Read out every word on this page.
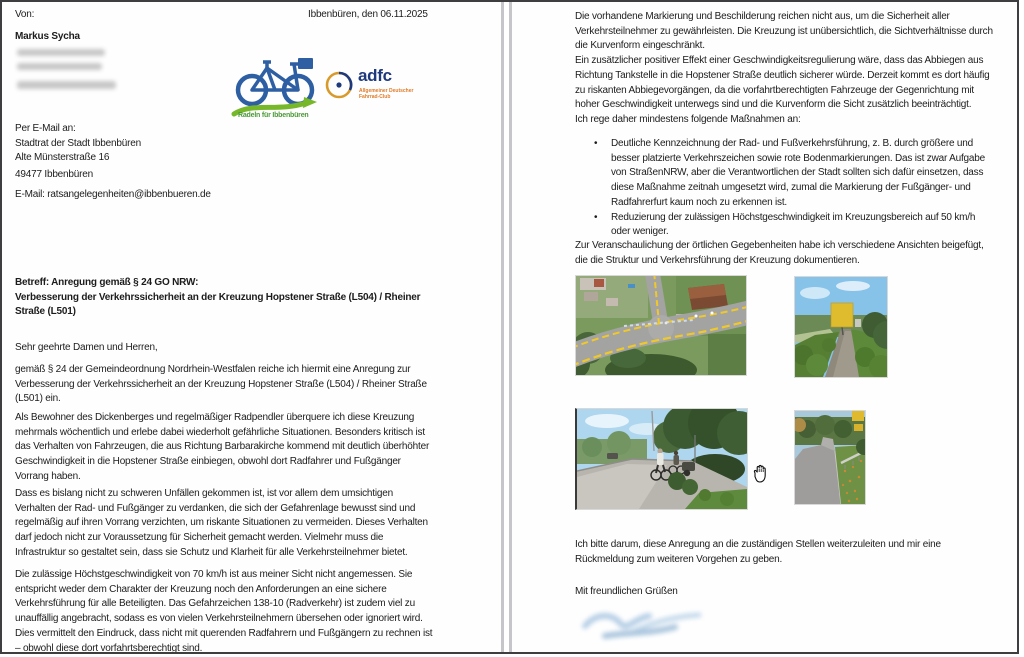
Von:	Ibbenbüren, den 06.11.2025
Markus Sycha
Radeln für Ibbenbüren
adfc
Allgemeiner Deutscher
Fahrrad-Club
Per E-Mail an:
Stadtrat der Stadt Ibbenbüren
Alte Münsterstraße 16
49477 Ibbenbüren
E-Mail: ratsangelegenheiten@ibbenbueren.de
Betreff: Anregung gemäß § 24 GO NRW:
Verbesserung der Verkehrssicherheit an der Kreuzung Hopstener Straße (L504) / Rheiner Straße (L501)
Sehr geehrte Damen und Herren,
gemäß § 24 der Gemeindeordnung Nordrhein-Westfalen reiche ich hiermit eine Anregung zur Verbesserung der Verkehrssicherheit an der Kreuzung Hopstener Straße (L504) / Rheiner Straße (L501) ein.
Als Bewohner des Dickenberges und regelmäßiger Radpendler überquere ich diese Kreuzung mehrmals wöchentlich und erlebe dabei wiederholt gefährliche Situationen. Besonders kritisch ist das Verhalten von Fahrzeugen, die aus Richtung Barbarakirche kommend mit deutlich überhöhter Geschwindigkeit in die Hopstener Straße einbiegen, obwohl dort Radfahrer und Fußgänger Vorrang haben.
Dass es bislang nicht zu schweren Unfällen gekommen ist, ist vor allem dem umsichtigen Verhalten der Rad- und Fußgänger zu verdanken, die sich der Gefahrenlage bewusst sind und regelmäßig auf ihren Vorrang verzichten, um riskante Situationen zu vermeiden. Dieses Verhalten darf jedoch nicht zur Voraussetzung für Sicherheit gemacht werden. Vielmehr muss die Infrastruktur so gestaltet sein, dass sie Schutz und Klarheit für alle Verkehrsteilnehmer bietet.
Die zulässige Höchstgeschwindigkeit von 70 km/h ist aus meiner Sicht nicht angemessen. Sie entspricht weder dem Charakter der Kreuzung noch den Anforderungen an eine sichere Verkehrsführung für alle Beteiligten. Das Gefahrzeichen 138-10 (Radverkehr) ist zudem viel zu unauffällig angebracht, sodass es von vielen Verkehrsteilnehmern übersehen oder ignoriert wird. Dies vermittelt den Eindruck, dass nicht mit querenden Radfahrern und Fußgängern zu rechnen ist – obwohl diese dort vorfahrtsberechtigt sind.
Die vorhandene Markierung und Beschilderung reichen nicht aus, um die Sicherheit aller Verkehrsteilnehmer zu gewährleisten. Die Kreuzung ist unübersichtlich, die Sichtverhältnisse durch die Kurvenform eingeschränkt.
Ein zusätzlicher positiver Effekt einer Geschwindigkeitsregulierung wäre, dass das Abbiegen aus Richtung Tankstelle in die Hopstener Straße deutlich sicherer würde. Derzeit kommt es dort häufig zu riskanten Abbiegevorgängen, da die vorfahrtberechtigten Fahrzeuge der Gegenrichtung mit hoher Geschwindigkeit unterwegs sind und die Kurvenform die Sicht zusätzlich beeinträchtigt.
Ich rege daher mindestens folgende Maßnahmen an:
•	Deutliche Kennzeichnung der Rad- und Fußverkehrsführung, z. B. durch größere und besser platzierte Verkehrszeichen sowie rote Bodenmarkierungen. Das ist zwar Aufgabe von StraßenNRW, aber die Verantwortlichen der Stadt sollten sich dafür einsetzen, dass diese Maßnahme zeitnah umgesetzt wird, zumal die Markierung der Fußgänger- und Radfahrerfurt kaum noch zu erkennen ist.
•	Reduzierung der zulässigen Höchstgeschwindigkeit im Kreuzungsbereich auf 50 km/h oder weniger.
Zur Veranschaulichung der örtlichen Gegebenheiten habe ich verschiedene Ansichten beigefügt, die die Struktur und Verkehrsführung der Kreuzung dokumentieren.
Ich bitte darum, diese Anregung an die zuständigen Stellen weiterzuleiten und mir eine Rückmeldung zum weiteren Vorgehen zu geben.
Mit freundlichen Grüßen
